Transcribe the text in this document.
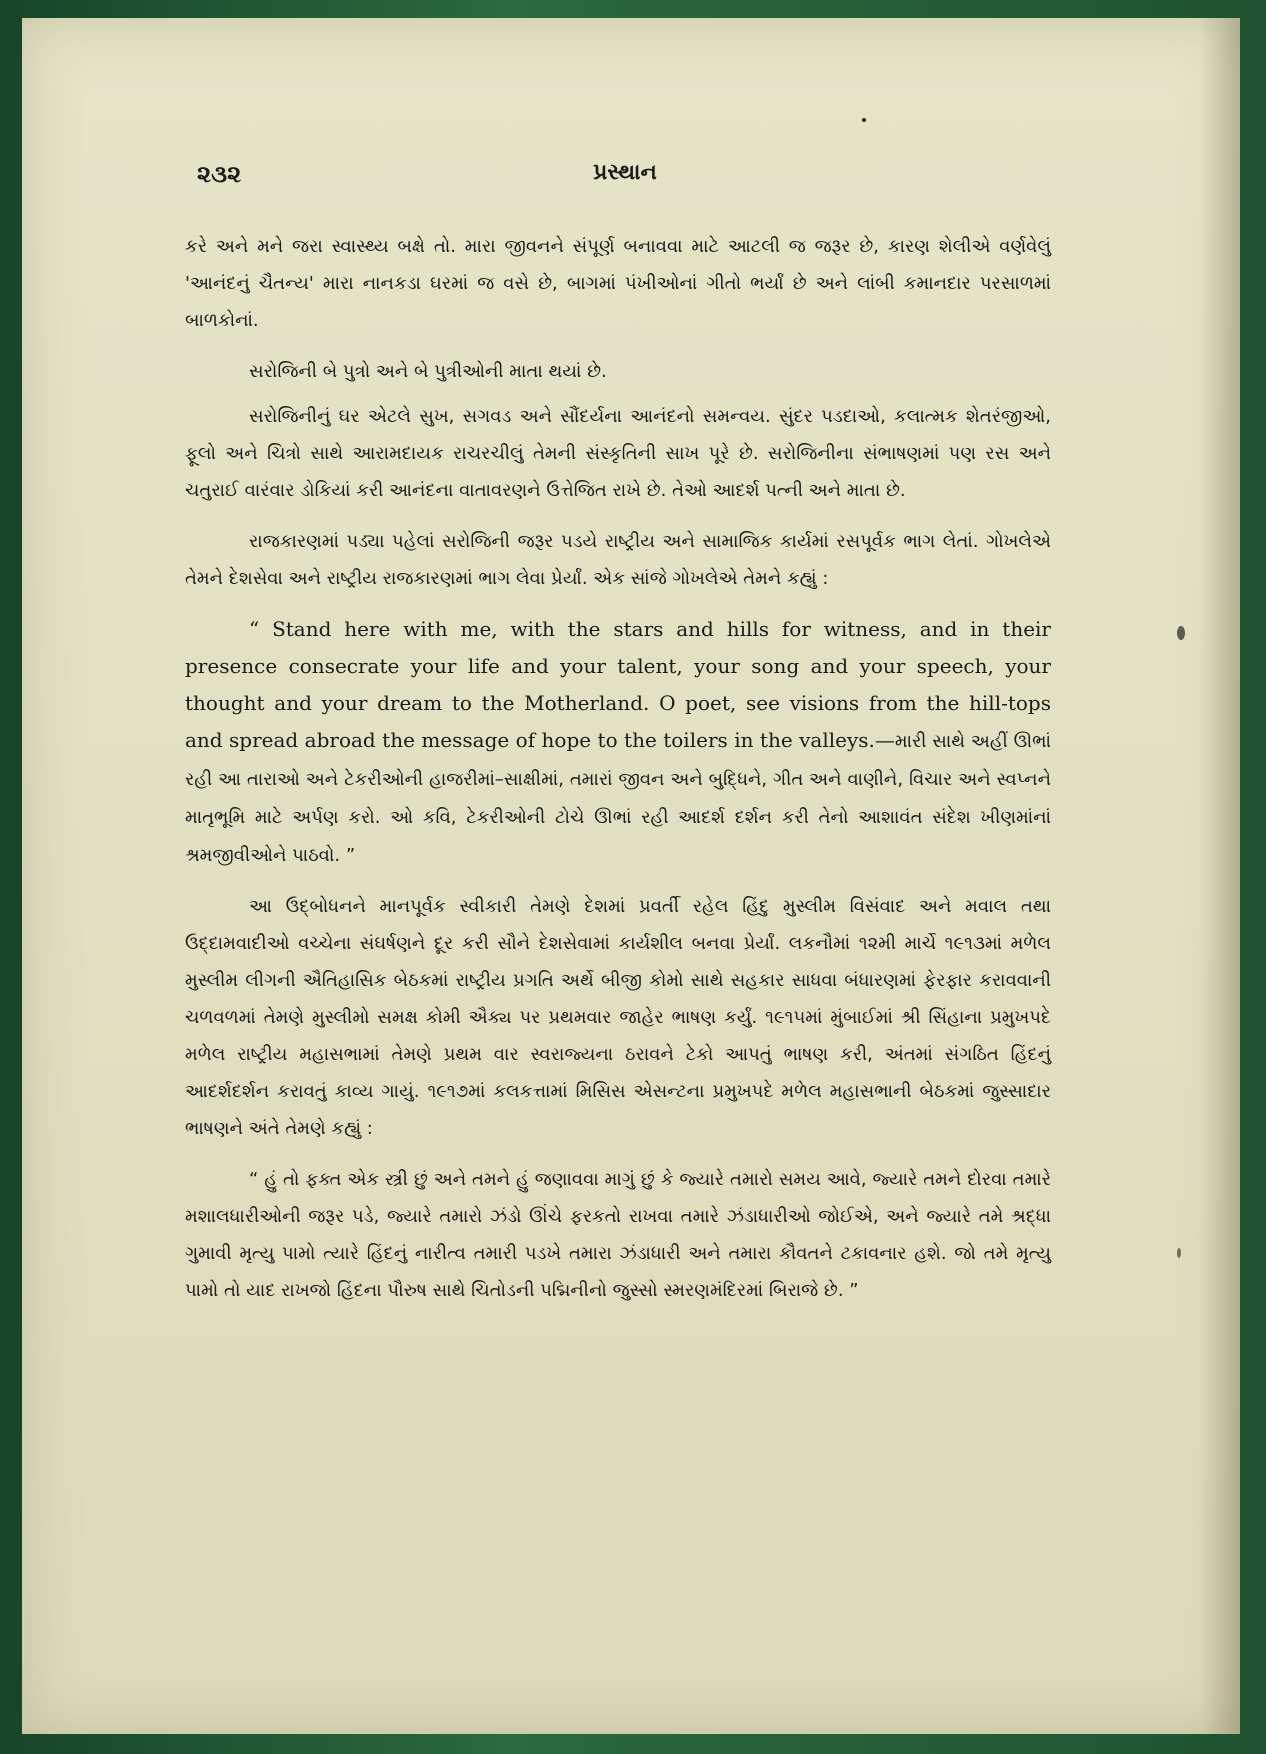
૨૩૨	પ્રસ્થાન

કરે અને મને જરા સ્વાસ્થ્ય બક્ષે તો. મારા જીવનને સંપૂર્ણ બનાવવા માટે આટલી જ જરૂર છે, કારણ શેલીએ વર્ણવેલું 'આનંદનું ચૈતન્ય' મારા નાનકડા ઘરમાં જ વસે છે, બાગમાં પંખીઓનાં ગીતો ભર્યાં છે અને લાંબી કમાનદાર પરસાળમાં બાળકોનાં.

સરોજિની બે પુત્રો અને બે પુત્રીઓની માતા થયાં છે.

સરોજિનીનું ઘર એટલે સુખ, સગવડ અને સૌંદર્યના આનંદનો સમન્વય. સુંદર પડદાઓ, કલાત્મક શેતરંજીઓ, ફૂલો અને ચિત્રો સાથે આરામદાયક રાચરચીલું તેમની સંસ્કૃતિની સાખ પૂરે છે. સરોજિનીના સંભાષણમાં પણ રસ અને ચતુરાઈ વારંવાર ડોકિયાં કરી આનંદના વાતાવરણને ઉત્તેજિત રાખે છે. તેઓ આદર્શ પત્ની અને માતા છે.

રાજકારણમાં પડ્યા પહેલાં સરોજિની જરૂર પડયે રાષ્ટ્રીય અને સામાજિક કાર્યમાં રસપૂર્વક ભાગ લેતાં. ગોખલેએ તેમને દેશસેવા અને રાષ્ટ્રીય રાજકારણમાં ભાગ લેવા પ્રેર્યાં. એક સાંજે ગોખલેએ તેમને કહ્યું :

“ Stand here with me, with the stars and hills for witness, and in their presence consecrate your life and your talent, your song and your speech, your thought and your dream to the Motherland. O poet, see visions from the hill-tops and spread abroad the message of hope to the toilers in the valleys.—મારી સાથે અહીં ઊભાં રહી આ તારાઓ અને ટેકરીઓની હાજરીમાં–સાક્ષીમાં, તમારાં જીવન અને બુદ્ધિને, ગીત અને વાણીને, વિચાર અને સ્વપ્નને માતૃભૂમિ માટે અર્પણ કરો. ઓ કવિ, ટેકરીઓની ટોચે ઊભાં રહી આદર્શ દર્શન કરી તેનો આશાવંત સંદેશ ખીણમાંનાં શ્રમજીવીઓને પાઠવો. ”

આ ઉદ્‌બોધનને માનપૂર્વક સ્વીકારી તેમણે દેશમાં પ્રવર્તી રહેલ હિંદુ મુસ્લીમ વિસંવાદ અને મવાલ તથા ઉદ્દામવાદીઓ વચ્ચેના સંઘર્ષણને દૂર કરી સૌને દેશસેવામાં કાર્યશીલ બનવા પ્રેર્યાં. લકનૌમાં ૧૨મી માર્ચે ૧૯૧૩માં મળેલ મુસ્લીમ લીગની ઐતિહાસિક બેઠકમાં રાષ્ટ્રીય પ્રગતિ અર્થે બીજી કોમો સાથે સહકાર સાધવા બંધારણમાં ફેરફાર કરાવવાની ચળવળમાં તેમણે મુસ્લીમો સમક્ષ કોમી ઐક્ય પર પ્રથમવાર જાહેર ભાષણ કર્યું. ૧૯૧૫માં મુંબાઈમાં શ્રી સિંહાના પ્રમુખપદે મળેલ રાષ્ટ્રીય મહાસભામાં તેમણે પ્રથમ વાર સ્વરાજ્યના ઠરાવને ટેકો આપતું ભાષણ કરી, અંતમાં સંગઠિત હિંદનું આદર્શદર્શન કરાવતું કાવ્ય ગાયું. ૧૯૧૭માં કલકત્તામાં મિસિસ એસન્ટના પ્રમુખપદે મળેલ મહાસભાની બેઠકમાં જુસ્સાદાર ભાષણને અંતે તેમણે કહ્યું :

“ હું તો ફક્ત એક સ્ત્રી છું અને તમને હું જણાવવા માગું છું કે જ્યારે તમારો સમય આવે, જ્યારે તમને દોરવા તમારે મશાલધારીઓની જરૂર પડે, જ્યારે તમારો ઝંડો ઊંચે ફરકતો રાખવા તમારે ઝંડાધારીઓ જોઈએ, અને જ્યારે તમે શ્રદ્ધા ગુમાવી મૃત્યુ પામો ત્યારે હિંદનું નારીત્વ તમારી પડખે તમારા ઝંડાધારી અને તમારા કૌવતને ટકાવનાર હશે. જો તમે મૃત્યુ પામો તો યાદ રાખજો હિંદના પૌરુષ સાથે ચિતોડની પદ્મિનીનો જુસ્સો સ્મરણમંદિરમાં બિરાજે છે. ”
